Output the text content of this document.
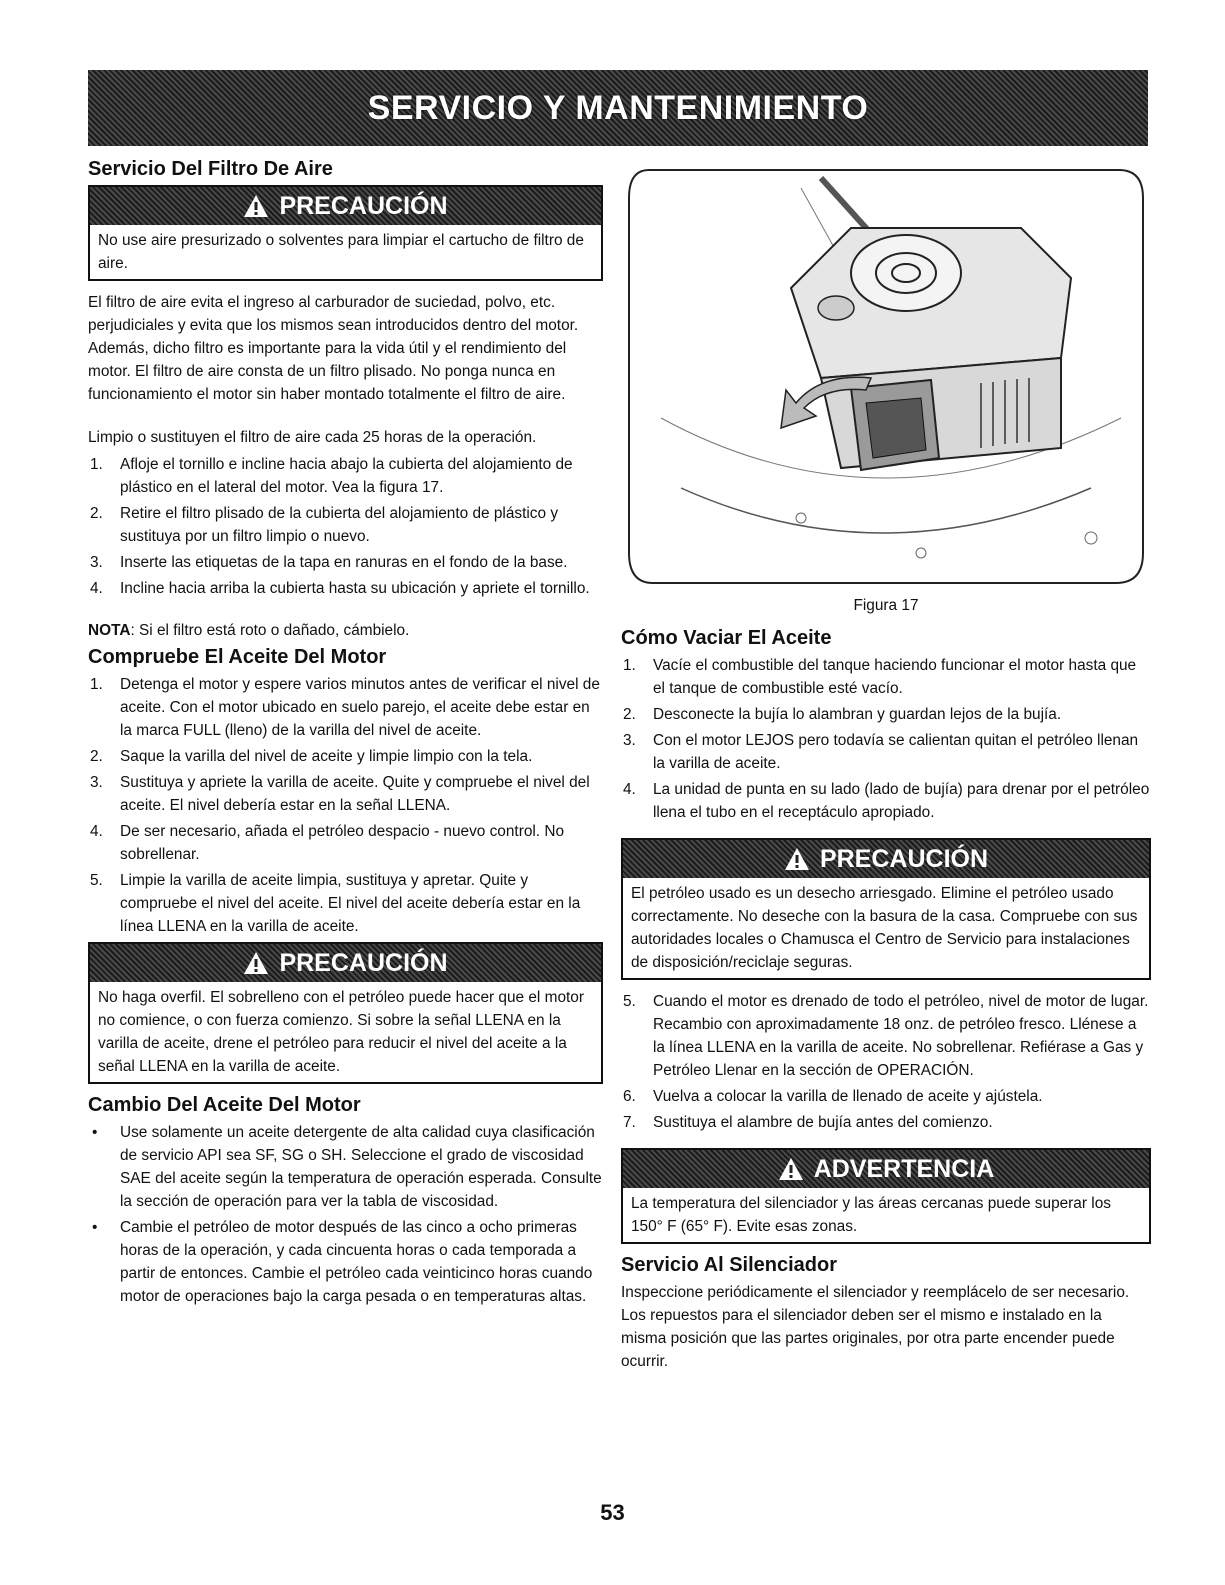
SERVICIO Y MANTENIMIENTO
Servicio Del Filtro De Aire
PRECAUCIÓN

No use aire presurizado o solventes para limpiar el cartucho de filtro de aire.

El filtro de aire evita el ingreso al carburador de suciedad, polvo, etc. perjudiciales y evita que los mismos sean introducidos dentro del motor. Además, dicho filtro es importante para la vida útil y el rendimiento del motor. El filtro de aire consta de un filtro plisado. No ponga nunca en funcionamiento el motor sin haber montado totalmente el filtro de aire.

Limpio o sustituyen el filtro de aire cada 25 horas de la operación.

1. Afloje el tornillo e incline hacia abajo la cubierta del alojamiento de plástico en el lateral del motor. Vea la figura 17.
2. Retire el filtro plisado de la cubierta del alojamiento de plástico y sustituya por un filtro limpio o nuevo.
3. Inserte las etiquetas de la tapa en ranuras en el fondo de la base.
4. Incline hacia arriba la cubierta hasta su ubicación y apriete el tornillo.

NOTA: Si el filtro está roto o dañado, cámbielo.

Compruebe El Aceite Del Motor
1. Detenga el motor y espere varios minutos antes de verificar el nivel de aceite. Con el motor ubicado en suelo parejo, el aceite debe estar en la marca FULL (lleno) de la varilla del nivel de aceite.
2. Saque la varilla del nivel de aceite y limpie limpio con la tela.
3. Sustituya y apriete la varilla de aceite. Quite y compruebe el nivel del aceite. El nivel debería estar en la señal LLENA.
4. De ser necesario, añada el petróleo despacio - nuevo control. No sobrellenar.
5. Limpie la varilla de aceite limpia, sustituya y apretar. Quite y compruebe el nivel del aceite. El nivel del aceite debería estar en la línea LLENA en la varilla de aceite.
PRECAUCIÓN

No haga overfil. El sobrelleno con el petróleo puede hacer que el motor no comience, o con fuerza comienzo. Si sobre la señal LLENA en la varilla de aceite, drene el petróleo para reducir el nivel del aceite a la señal LLENA en la varilla de aceite.

Cambio Del Aceite Del Motor
• Use solamente un aceite detergente de alta calidad cuya clasificación de servicio API sea SF, SG o SH. Seleccione el grado de viscosidad SAE del aceite según la temperatura de operación esperada. Consulte la sección de operación para ver la tabla de viscosidad.
• Cambie el petróleo de motor después de las cinco a ocho primeras horas de la operación, y cada cincuenta horas o cada temporada a partir de entonces. Cambie el petróleo cada veinticinco horas cuando motor de operaciones bajo la carga pesada o en temperaturas altas.

Figura 17

Cómo Vaciar El Aceite
1. Vacíe el combustible del tanque haciendo funcionar el motor hasta que el tanque de combustible esté vacío.
2. Desconecte la bujía lo alambran y guardan lejos de la bujía.
3. Con el motor LEJOS pero todavía se calientan quitan el petróleo llenan la varilla de aceite.
4. La unidad de punta en su lado (lado de bujía) para drenar por el petróleo llena el tubo en el receptáculo apropiado.
PRECAUCIÓN

El petróleo usado es un desecho arriesgado. Elimine el petróleo usado correctamente. No deseche con la basura de la casa. Compruebe con sus autoridades locales o Chamusca el Centro de Servicio para instalaciones de disposición/reciclaje seguras.

5. Cuando el motor es drenado de todo el petróleo, nivel de motor de lugar. Recambio con aproximadamente 18 onz. de petróleo fresco. Llénese a la línea LLENA en la varilla de aceite. No sobrellenar. Refiérase a Gas y Petróleo Llenar en la sección de OPERACIÓN.
6. Vuelva a colocar la varilla de llenado de aceite y ajústela.
7. Sustituya el alambre de bujía antes del comienzo.
ADVERTENCIA

La temperatura del silenciador y las áreas cercanas puede superar los 150° F (65° F). Evite esas zonas.

Servicio Al Silenciador

Inspeccione periódicamente el silenciador y reemplácelo de ser necesario. Los repuestos para el silenciador deben ser el mismo e instalado en la misma posición que las partes originales, por otra parte encender puede ocurrir.

53
